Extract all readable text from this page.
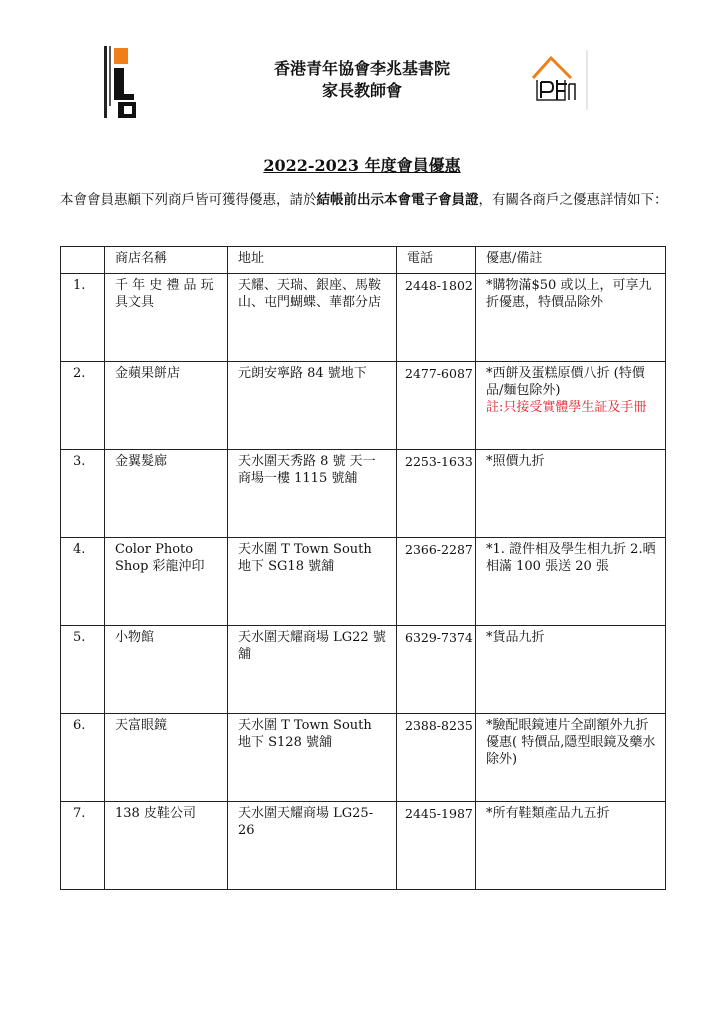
香港青年協會李兆基書院
家長教師會
2022-2023 年度會員優惠
本會會員惠顧下列商戶皆可獲得優惠，請於結帳前出示本會電子會員證，有關各商戶之優惠詳情如下：
	商店名稱	地址	電話	優惠/備註
1.	千 年 史 禮 品 玩具文具	天耀、天瑞、銀座、馬鞍山、屯門蝴蝶、華都分店	2448-1802	*購物滿$50 或以上，可享九折優惠，特價品除外

2.	金蘋果餅店	元朗安寧路 84 號地下	2477-6087	*西餅及蛋糕原價八折 (特價品/麵包除外)
註:只接受實體學生証及手冊

3.	金翼髮廊	天水圍天秀路 8 號 天一商場一樓 1115 號舖	2253-1633	*照價九折

4.	Color Photo Shop 彩龍沖印	天水圍 T Town South 地下 SG18 號舖	2366-2287	*1. 證件相及學生相九折 2.晒相滿 100 張送 20 張

5.	小物館	天水圍天耀商場 LG22 號舖	6329-7374	*貨品九折

6.	天富眼鏡	天水圍 T Town South 地下 S128 號舖	2388-8235	*驗配眼鏡連片全副額外九折優惠( 特價品,隱型眼鏡及藥水除外)

7.	138 皮鞋公司	天水圍天耀商場 LG25-26	2445-1987	*所有鞋類產品九五折
